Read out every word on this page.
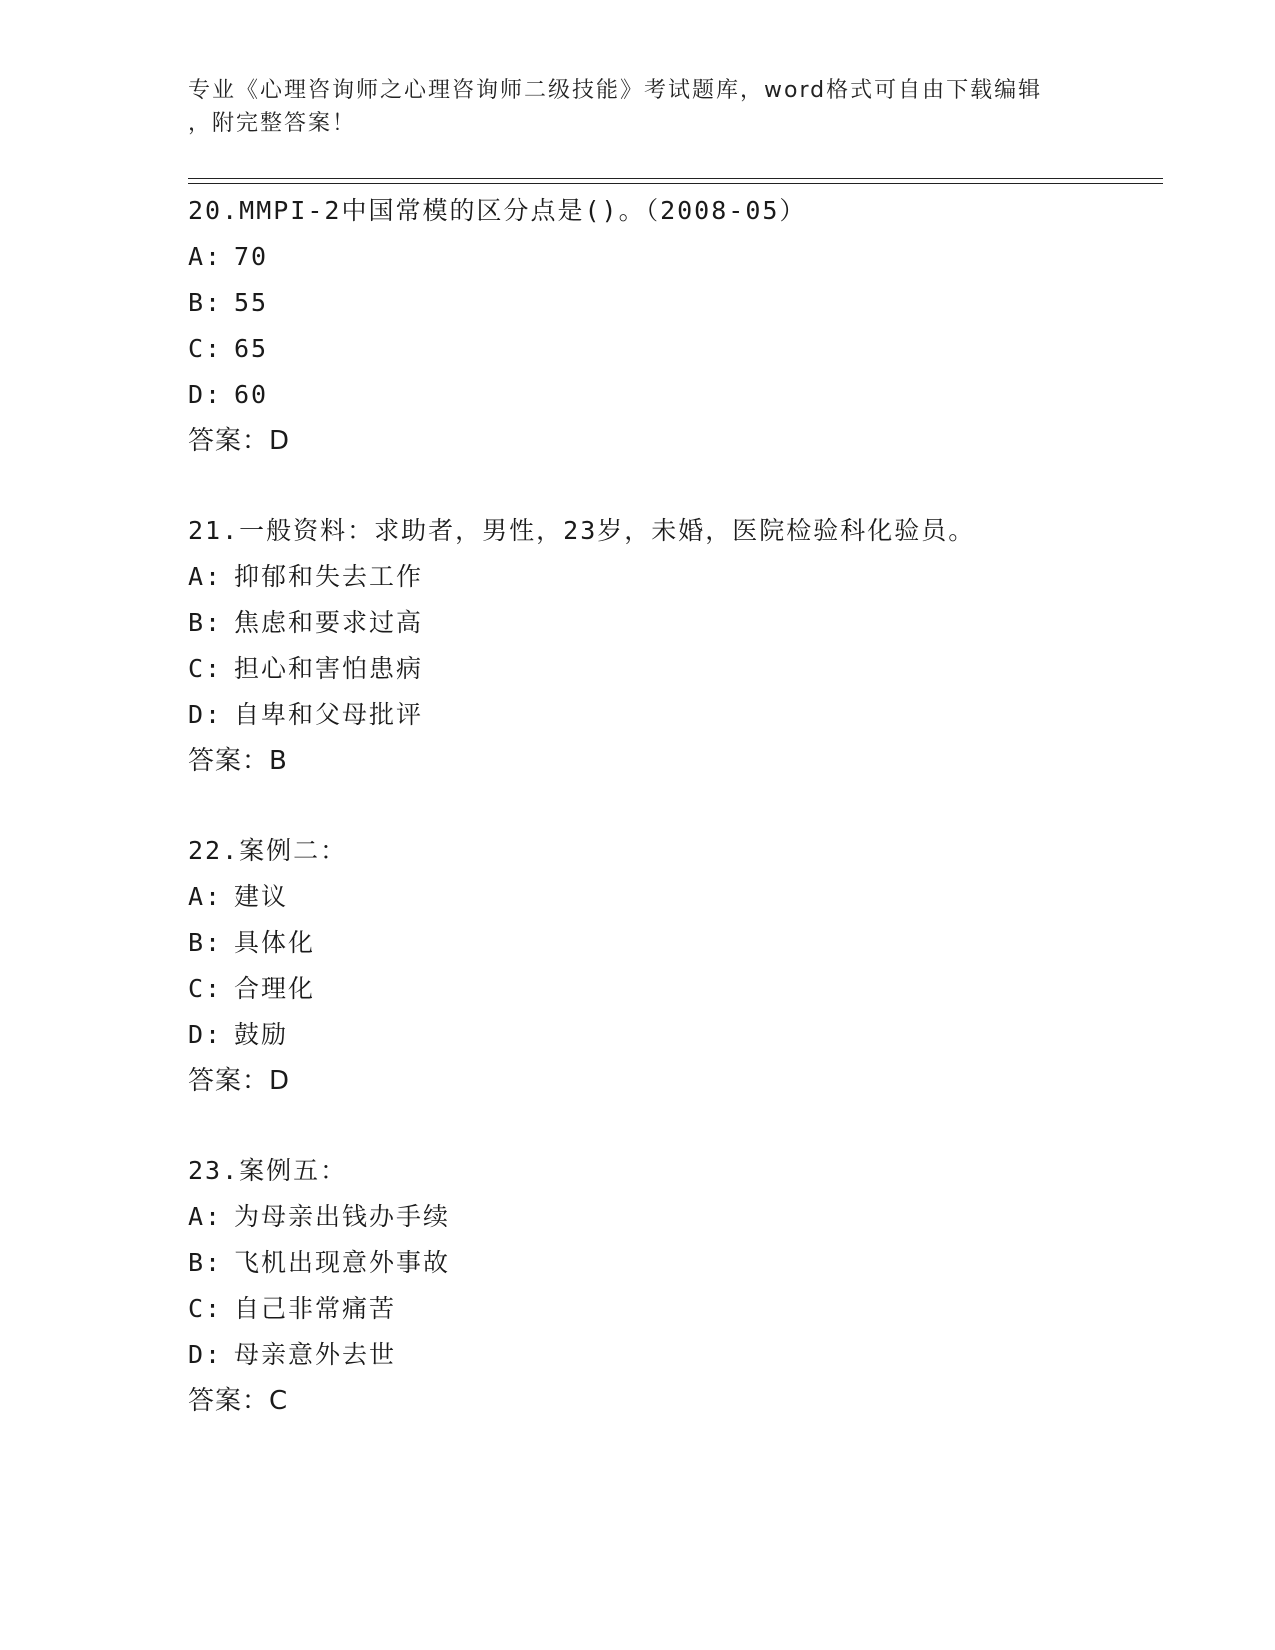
专业《心理咨询师之心理咨询师二级技能》考试题库，word格式可自由下载编辑
，附完整答案！
20.MMPI-2中国常模的区分点是()。（2008-05）
A: 70
B: 55
C: 65
D: 60
答案：D
21.一般资料：求助者，男性，23岁，未婚，医院检验科化验员。
A: 抑郁和失去工作
B: 焦虑和要求过高
C: 担心和害怕患病
D: 自卑和父母批评
答案：B
22.案例二：
A: 建议
B: 具体化
C: 合理化
D: 鼓励
答案：D
23.案例五：
A: 为母亲出钱办手续
B: 飞机出现意外事故
C: 自己非常痛苦
D: 母亲意外去世
答案：C
